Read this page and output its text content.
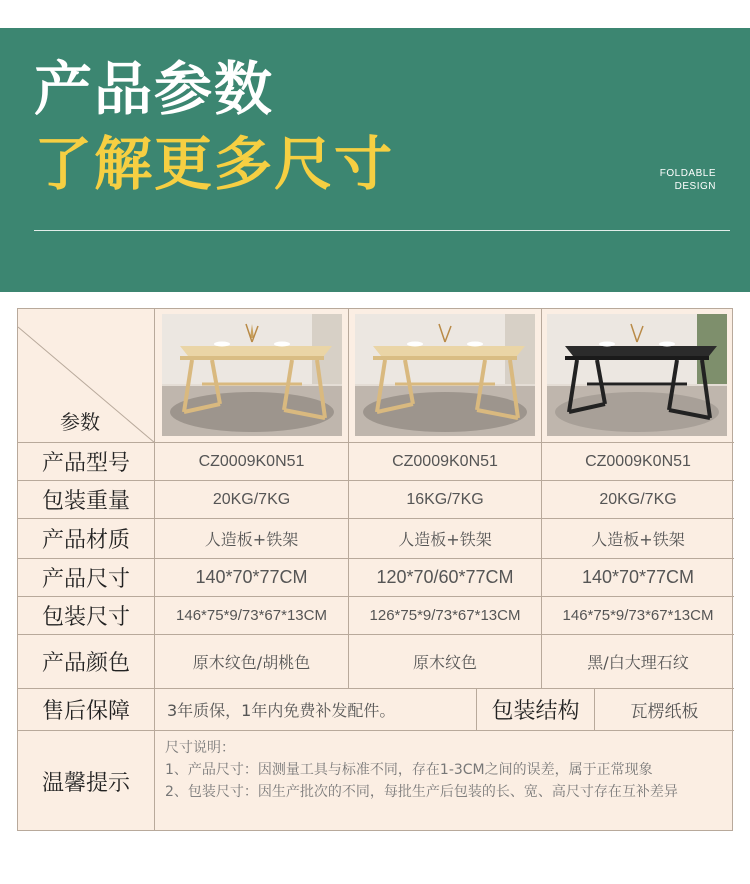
产品参数
了解更多尺寸	FOLDABLE
DESIGN
参数
产品型号	CZ0009K0N51	CZ0009K0N51	CZ0009K0N51
包装重量	20KG/7KG	16KG/7KG	20KG/7KG
产品材质	人造板+铁架	人造板+铁架	人造板+铁架
产品尺寸	140*70*77CM	120*70/60*77CM	140*70*77CM
包装尺寸	146*75*9/73*67*13CM	126*75*9/73*67*13CM	146*75*9/73*67*13CM
产品颜色	原木纹色/胡桃色	原木纹色	黑/白大理石纹
售后保障	3年质保，1年内免费补发配件。	包装结构	瓦楞纸板
温馨提示
尺寸说明：
1、产品尺寸：因测量工具与标准不同，存在1-3CM之间的误差，属于正常现象
2、包装尺寸：因生产批次的不同，每批生产后包装的长、宽、高尺寸存在互补差异
